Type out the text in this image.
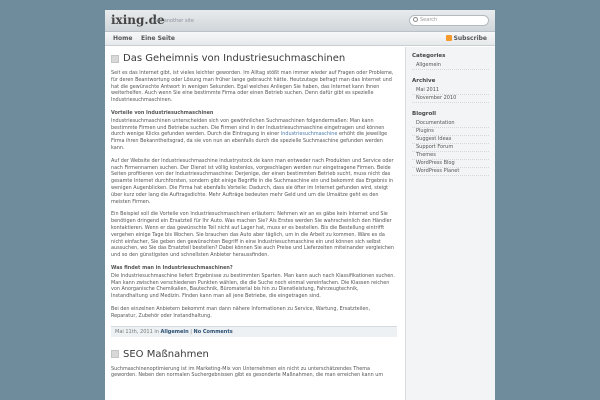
ixing.de
Just another site	Search
Home Eine Seite	Subscribe
Das Geheimnis von Industriesuchmaschinen

Seit es das Internet gibt, ist vieles leichter geworden. Im Alltag stößt man immer wieder auf Fragen oder Probleme, für deren Beantwortung oder Lösung man früher lange gebraucht hätte. Heutzutage befragt man das Internet und hat die gewünschte Antwort in wenigen Sekunden. Egal welches Anliegen Sie haben, das Internet kann Ihnen weiterhelfen. Auch wenn Sie eine bestimmte Firma oder einen Betrieb suchen. Denn dafür gibt es spezielle Industriesuchmaschinen.

Vorteile von Industriesuchmaschinen

Industriesuchmaschinen unterscheiden sich von gewöhnlichen Suchmaschinen folgendermaßen: Man kann bestimmte Firmen und Betriebe suchen. Die Firmen sind in der Industriesuchmaschine eingetragen und können durch wenige Klicks gefunden werden. Durch die Eintragung in einer Industriesuchmaschine erhöht die jeweilige Firma ihren Bekanntheitsgrad, da sie von nun an ebenfalls durch die spezielle Suchmaschine gefunden werden kann.

Auf der Website der Industriesuchmaschine industrystock.de kann man entweder nach Produkten und Service oder nach Firmennamen suchen. Der Dienst ist völlig kostenlos, vorgeschlagen werden nur eingetragene Firmen. Beide Seiten profitieren von der Industriesuchmaschine: Derjenige, der einen bestimmten Betrieb sucht, muss nicht das gesamte Internet durchforsten, sondern gibt einige Begriffe in die Suchmaschine ein und bekommt das Ergebnis in wenigen Augenblicken. Die Firma hat ebenfalls Vorteile: Dadurch, dass sie öfter im Internet gefunden wird, steigt über kurz oder lang die Auftragsdichte. Mehr Aufträge bedeuten mehr Geld und um die Umsätze geht es den meisten Firmen.

Ein Beispiel soll die Vorteile von Industriesuchmaschinen erläutern: Nehmen wir an es gäbe kein Internet und Sie benötigen dringend ein Ersatzteil für Ihr Auto. Was machen Sie? Als Erstes werden Sie wahrscheinlich den Händler kontaktieren. Wenn er das gewünschte Teil nicht auf Lager hat, muss er es bestellen. Bis die Bestellung eintrifft vergehen einige Tage bis Wochen. Sie brauchen das Auto aber täglich, um in die Arbeit zu kommen. Wäre es da nicht einfacher, Sie geben den gewünschten Begriff in eine Industriesuchmaschine ein und können sich selbst aussuchen, wo Sie das Ersatzteil bestellen? Dabei können Sie auch Preise und Lieferzeiten miteinander vergleichen und so den günstigsten und schnellsten Anbieter heraussfinden.

Was findet man in Industriesuchmaschinen?

Die Industriesuchmaschine liefert Ergebnisse zu bestimmten Sparten. Man kann auch nach Klassifikationen suchen. Man kann zwischen verschiedenen Punkten wählen, die die Suche noch einmal vereinfachen. Die Klassen reichen von Anorganische Chemikalien, Bautechnik, Büromaterial bis hin zu Dienstleistung, Fahrzeugtechnik, Instandhaltung und Medizin. Finden kann man all jene Betriebe, die eingetragen sind.

Bei den einzelnen Anbietern bekommt man dann nähere Informationen zu Service, Wartung, Ersatzteilen, Reparatur, Zubehör oder Instandhaltung.

Mai 11th, 2011 in Allgemein | No Comments
SEO Maßnahmen

Suchmaschinenoptimierung ist im Marketing-Mix von Unternehmen ein nicht zu unterschätzendes Thema geworden. Neben den normalen Suchergebnissen gibt es gesonderte Maßnahmen, die man erreichen kann um

Categories
Allgemein
Archive
Mai 2011
November 2010
Blogroll
Documentation
Plugins
Suggest Ideas
Support Forum
Themes
WordPress Blog
WordPress Planet
